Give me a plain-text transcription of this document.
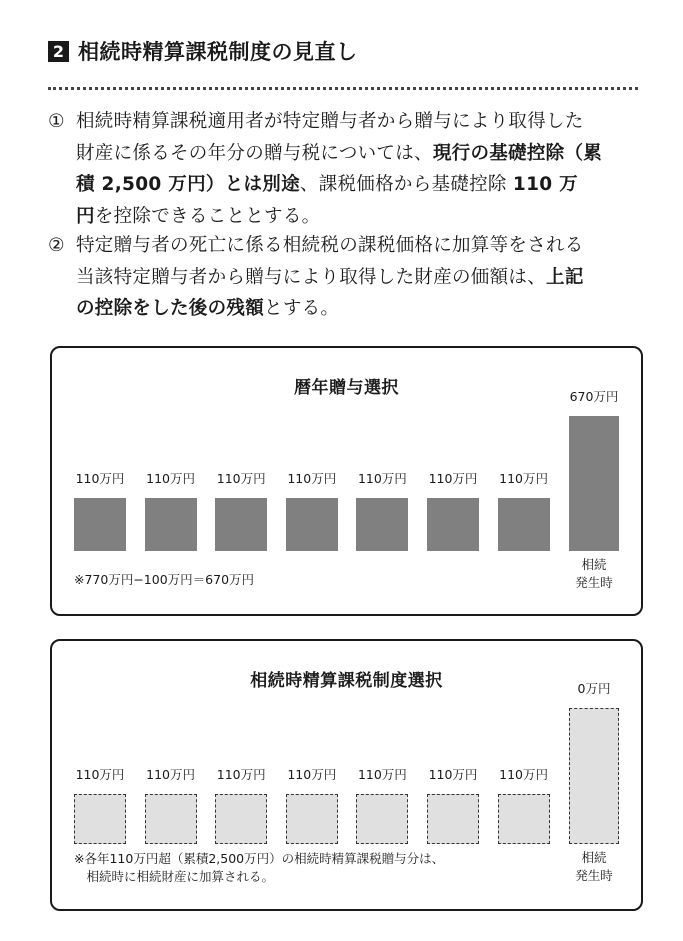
2 相続時精算課税制度の見直し
① 相続時精算課税適用者が特定贈与者から贈与により取得した
財産に係るその年分の贈与税については、現行の基礎控除（累
積 2,500 万円）とは別途、課税価格から基礎控除 110 万
円を控除できることとする。
② 特定贈与者の死亡に係る相続税の課税価格に加算等をされる
当該特定贈与者から贈与により取得した財産の価額は、上記
の控除をした後の残額とする。
暦年贈与選択
110万円	110万円	110万円	110万円	110万円	110万円	110万円
670万円
相続
発生時
※770万円−100万円＝670万円
相続時精算課税制度選択
110万円	110万円	110万円	110万円	110万円	110万円	110万円
0万円
相続
発生時
※各年110万円超（累積2,500万円）の相続時精算課税贈与分は、
　相続時に相続財産に加算される。
